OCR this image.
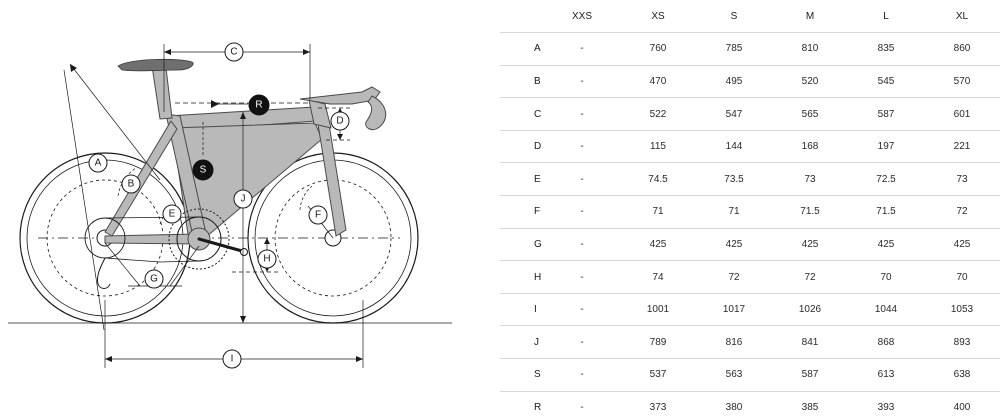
A
B
C
D
E	F
G
H
I
J
R
S
	XXS	XS	S	M	L	XL
A	-	760	785	810	835	860
B	-	470	495	520	545	570
C	-	522	547	565	587	601
D	-	115	144	168	197	221
E	-	74.5	73.5	73	72.5	73
F	-	71	71	71.5	71.5	72
G	-	425	425	425	425	425
H	-	74	72	72	70	70
I	-	1001	1017	1026	1044	1053
J	-	789	816	841	868	893
S	-	537	563	587	613	638
R	-	373	380	385	393	400
